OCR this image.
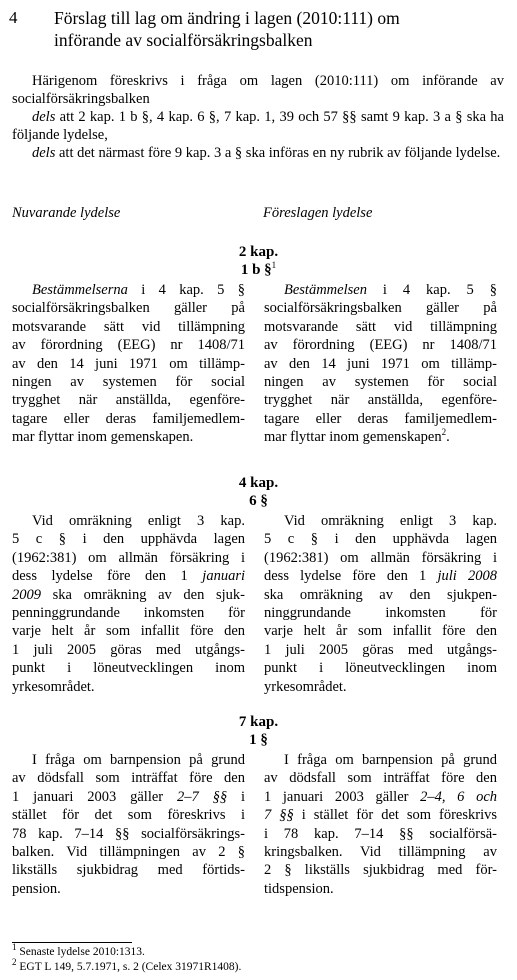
4 Förslag till lag om ändring i lagen (2010:111) om
införande av socialförsäkringsbalken

Härigenom föreskrivs i fråga om lagen (2010:111) om införande av

socialförsäkringsbalken

dels att 2 kap. 1 b §, 4 kap. 6 §, 7 kap. 1, 39 och 57 §§ samt 9 kap. 3 a § ska ha följande lydelse,

dels att det närmast före 9 kap. 3 a § ska införas en ny rubrik av följande lydelse.

Nuvarande lydelse	Föreslagen lydelse
2 kap.
1 b §$^1$
Bestämmelserna i 4 kap. 5 §
socialförsäkringsbalken gäller på
motsvarande sätt vid tillämpning
av förordning (EEG) nr 1408/71
av den 14 juni 1971 om tillämp-
ningen av systemen för social
trygghet när anställda, egenföre-
tagare eller deras familjemedlem-
mar flyttar inom gemenskapen.
Bestämmelsen i 4 kap. 5 §
socialförsäkringsbalken gäller på
motsvarande sätt vid tillämpning
av förordning (EEG) nr 1408/71
av den 14 juni 1971 om tillämp-
ningen av systemen för social
trygghet när anställda, egenföre-
tagare eller deras familjemedlem-
mar flyttar inom gemenskapen$^2$.
4 kap.
6 §
Vid omräkning enligt 3 kap.
5 c § i den upphävda lagen
(1962:381) om allmän försäkring i
dess lydelse före den 1 januari
2009 ska omräkning av den sjuk-
penninggrundande inkomsten för
varje helt år som infallit före den
1 juli 2005 göras med utgångs-
punkt i löneutvecklingen inom
yrkesområdet.
Vid omräkning enligt 3 kap.
5 c § i den upphävda lagen
(1962:381) om allmän försäkring i
dess lydelse före den 1 juli 2008
ska omräkning av den sjukpen-
ninggrundande inkomsten för
varje helt år som infallit före den
1 juli 2005 göras med utgångs-
punkt i löneutvecklingen inom
yrkesområdet.
7 kap.
1 §
I fråga om barnpension på grund
av dödsfall som inträffat före den
1 januari 2003 gäller 2–7 §§ i
stället för det som föreskrivs i
78 kap. 7–14 §§ socialförsäkrings-
balken. Vid tillämpningen av 2 §
likställs sjukbidrag med förtids-
pension.
I fråga om barnpension på grund
av dödsfall som inträffat före den
1 januari 2003 gäller 2–4, 6 och
7 §§ i stället för det som föreskrivs
i 78 kap. 7–14 §§ socialförsä-
kringsbalken. Vid tillämpning av
2 § likställs sjukbidrag med för-
tidspension.
$^1$ Senaste lydelse 2010:1313.
$^2$ EGT L 149, 5.7.1971, s. 2 (Celex 31971R1408).
